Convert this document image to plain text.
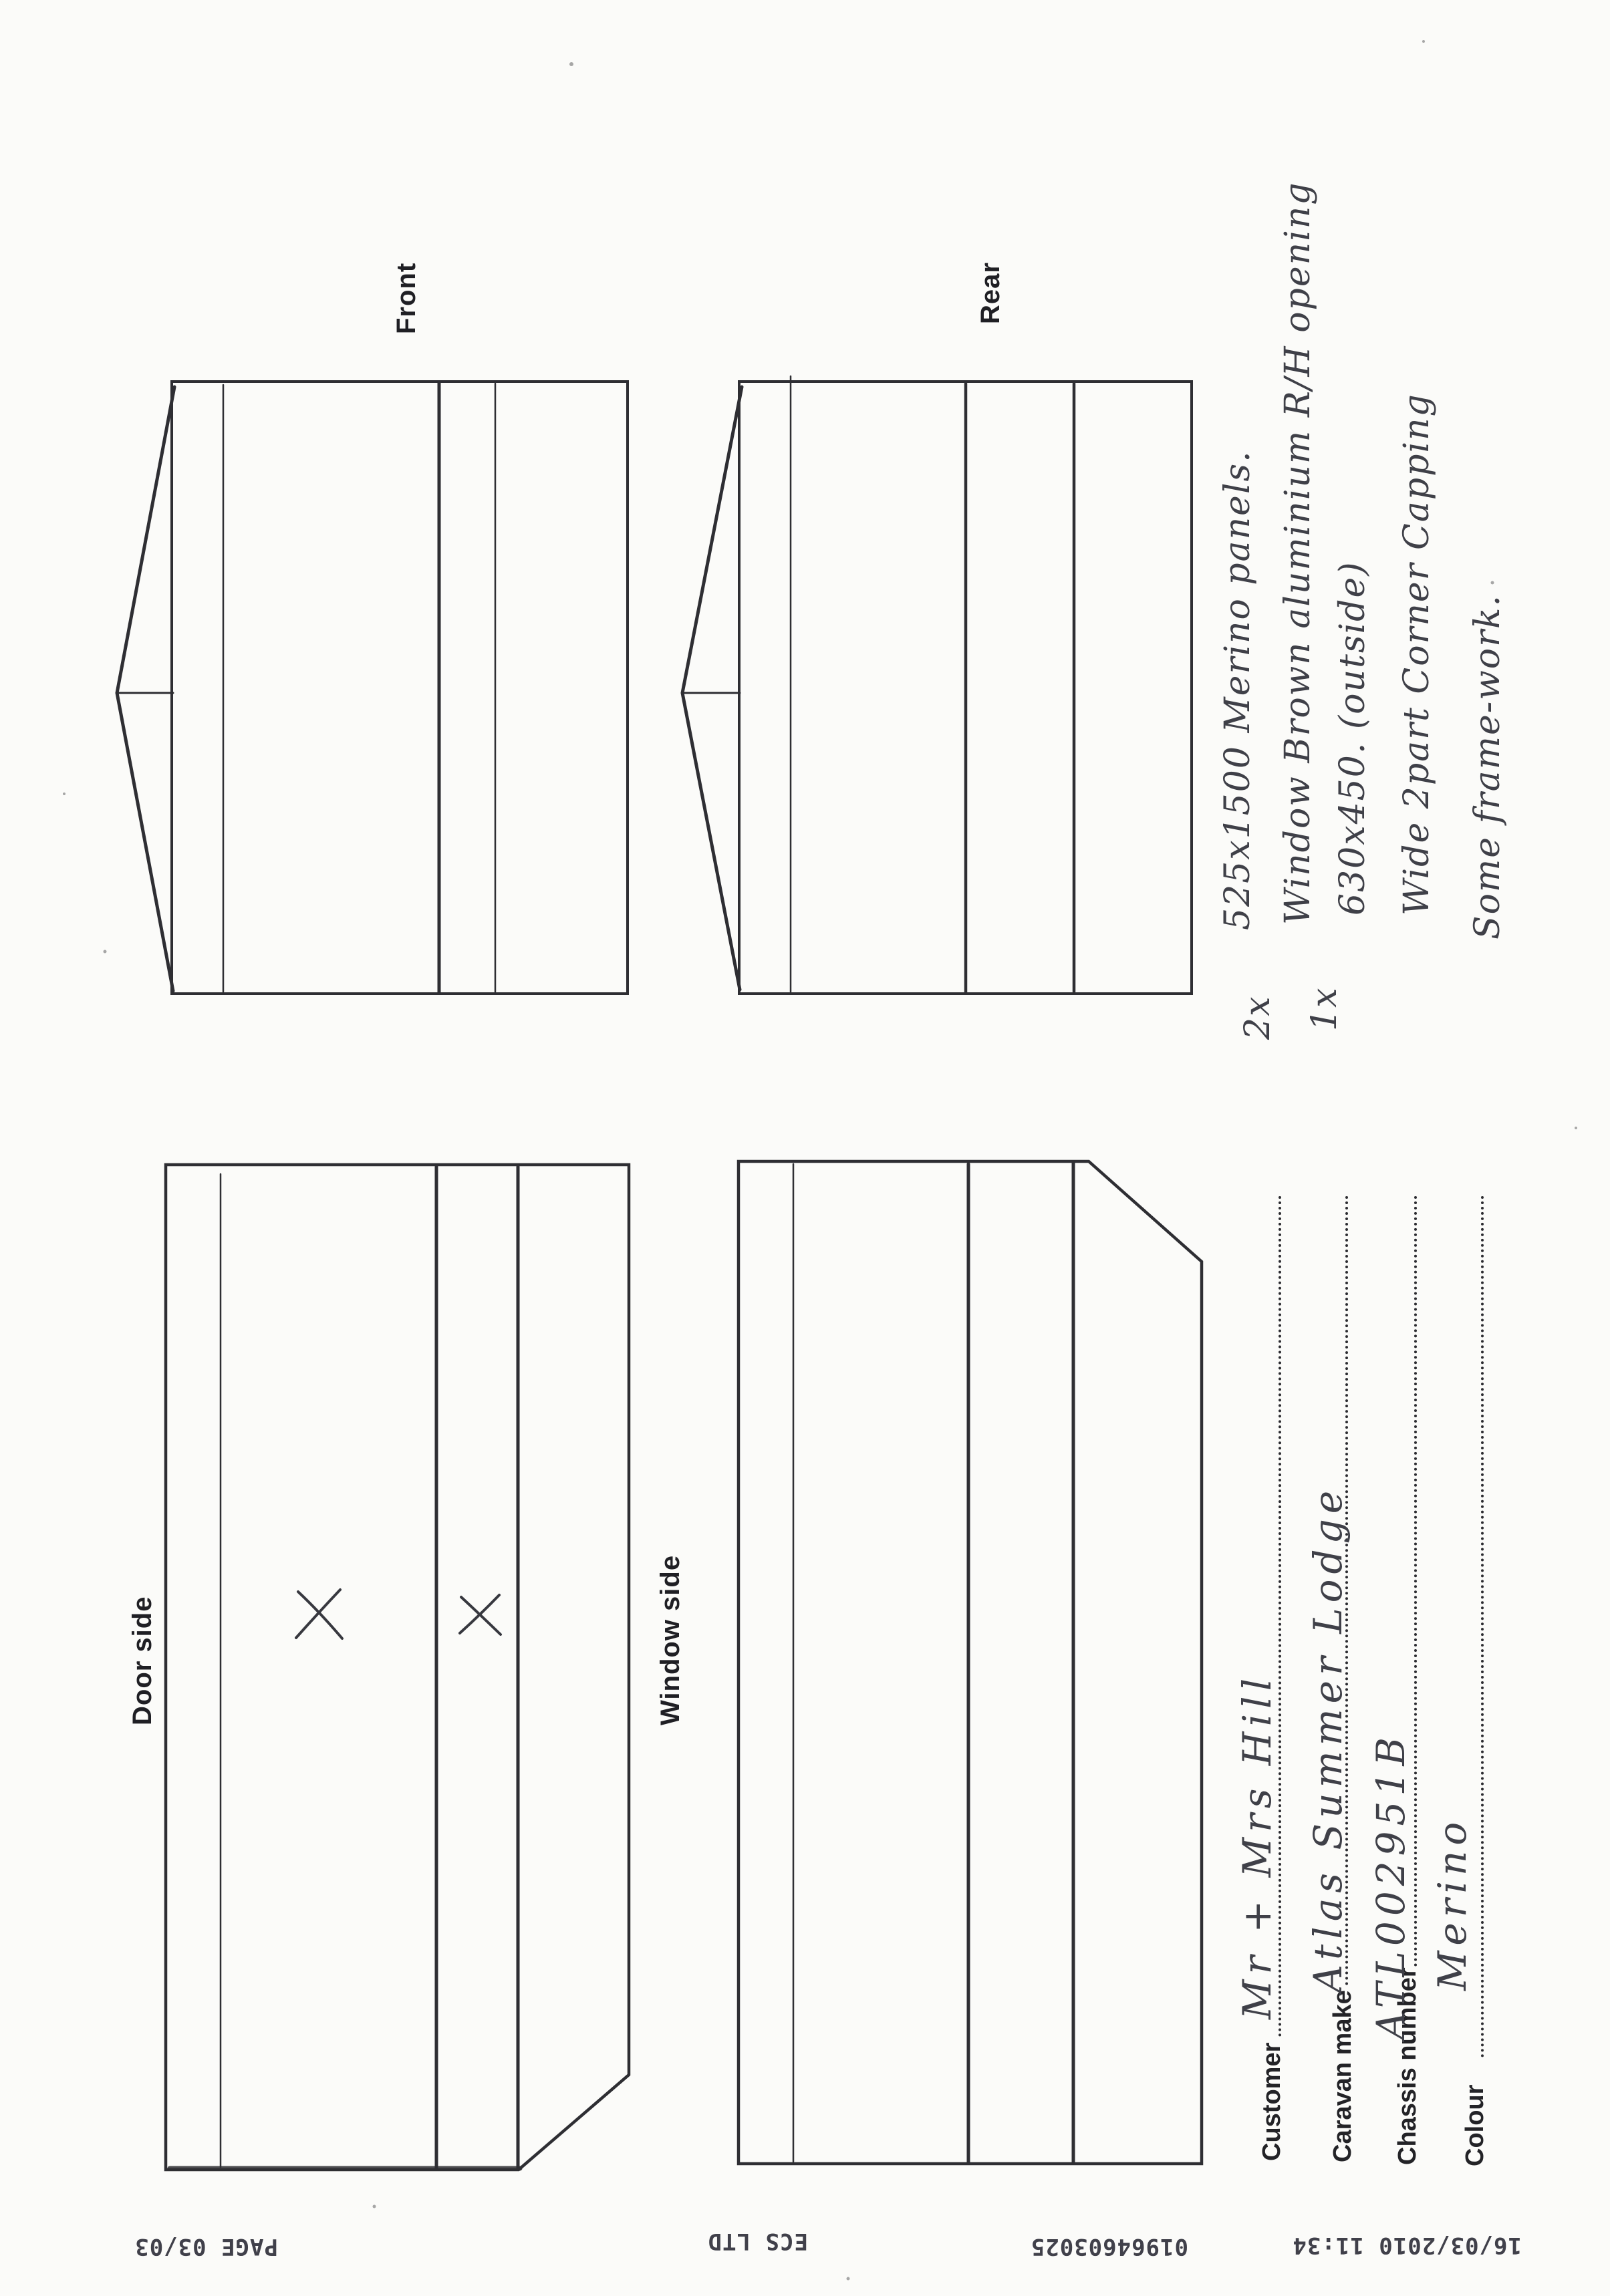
Front	Rear
Door side	Window side
2x
525x1500 Merino panels.
1x
Window Brown aluminium R/H opening 630x450. (outside) Wide 2part Corner Capping Some frame-work.
Customer Caravan make Chassis number Colour
Mr + Mrs Hill Atlas Summer Lodge ATL002951B Merino
16/03/2010 11:34
01964603025
ECS LTD
PAGE 03/03
